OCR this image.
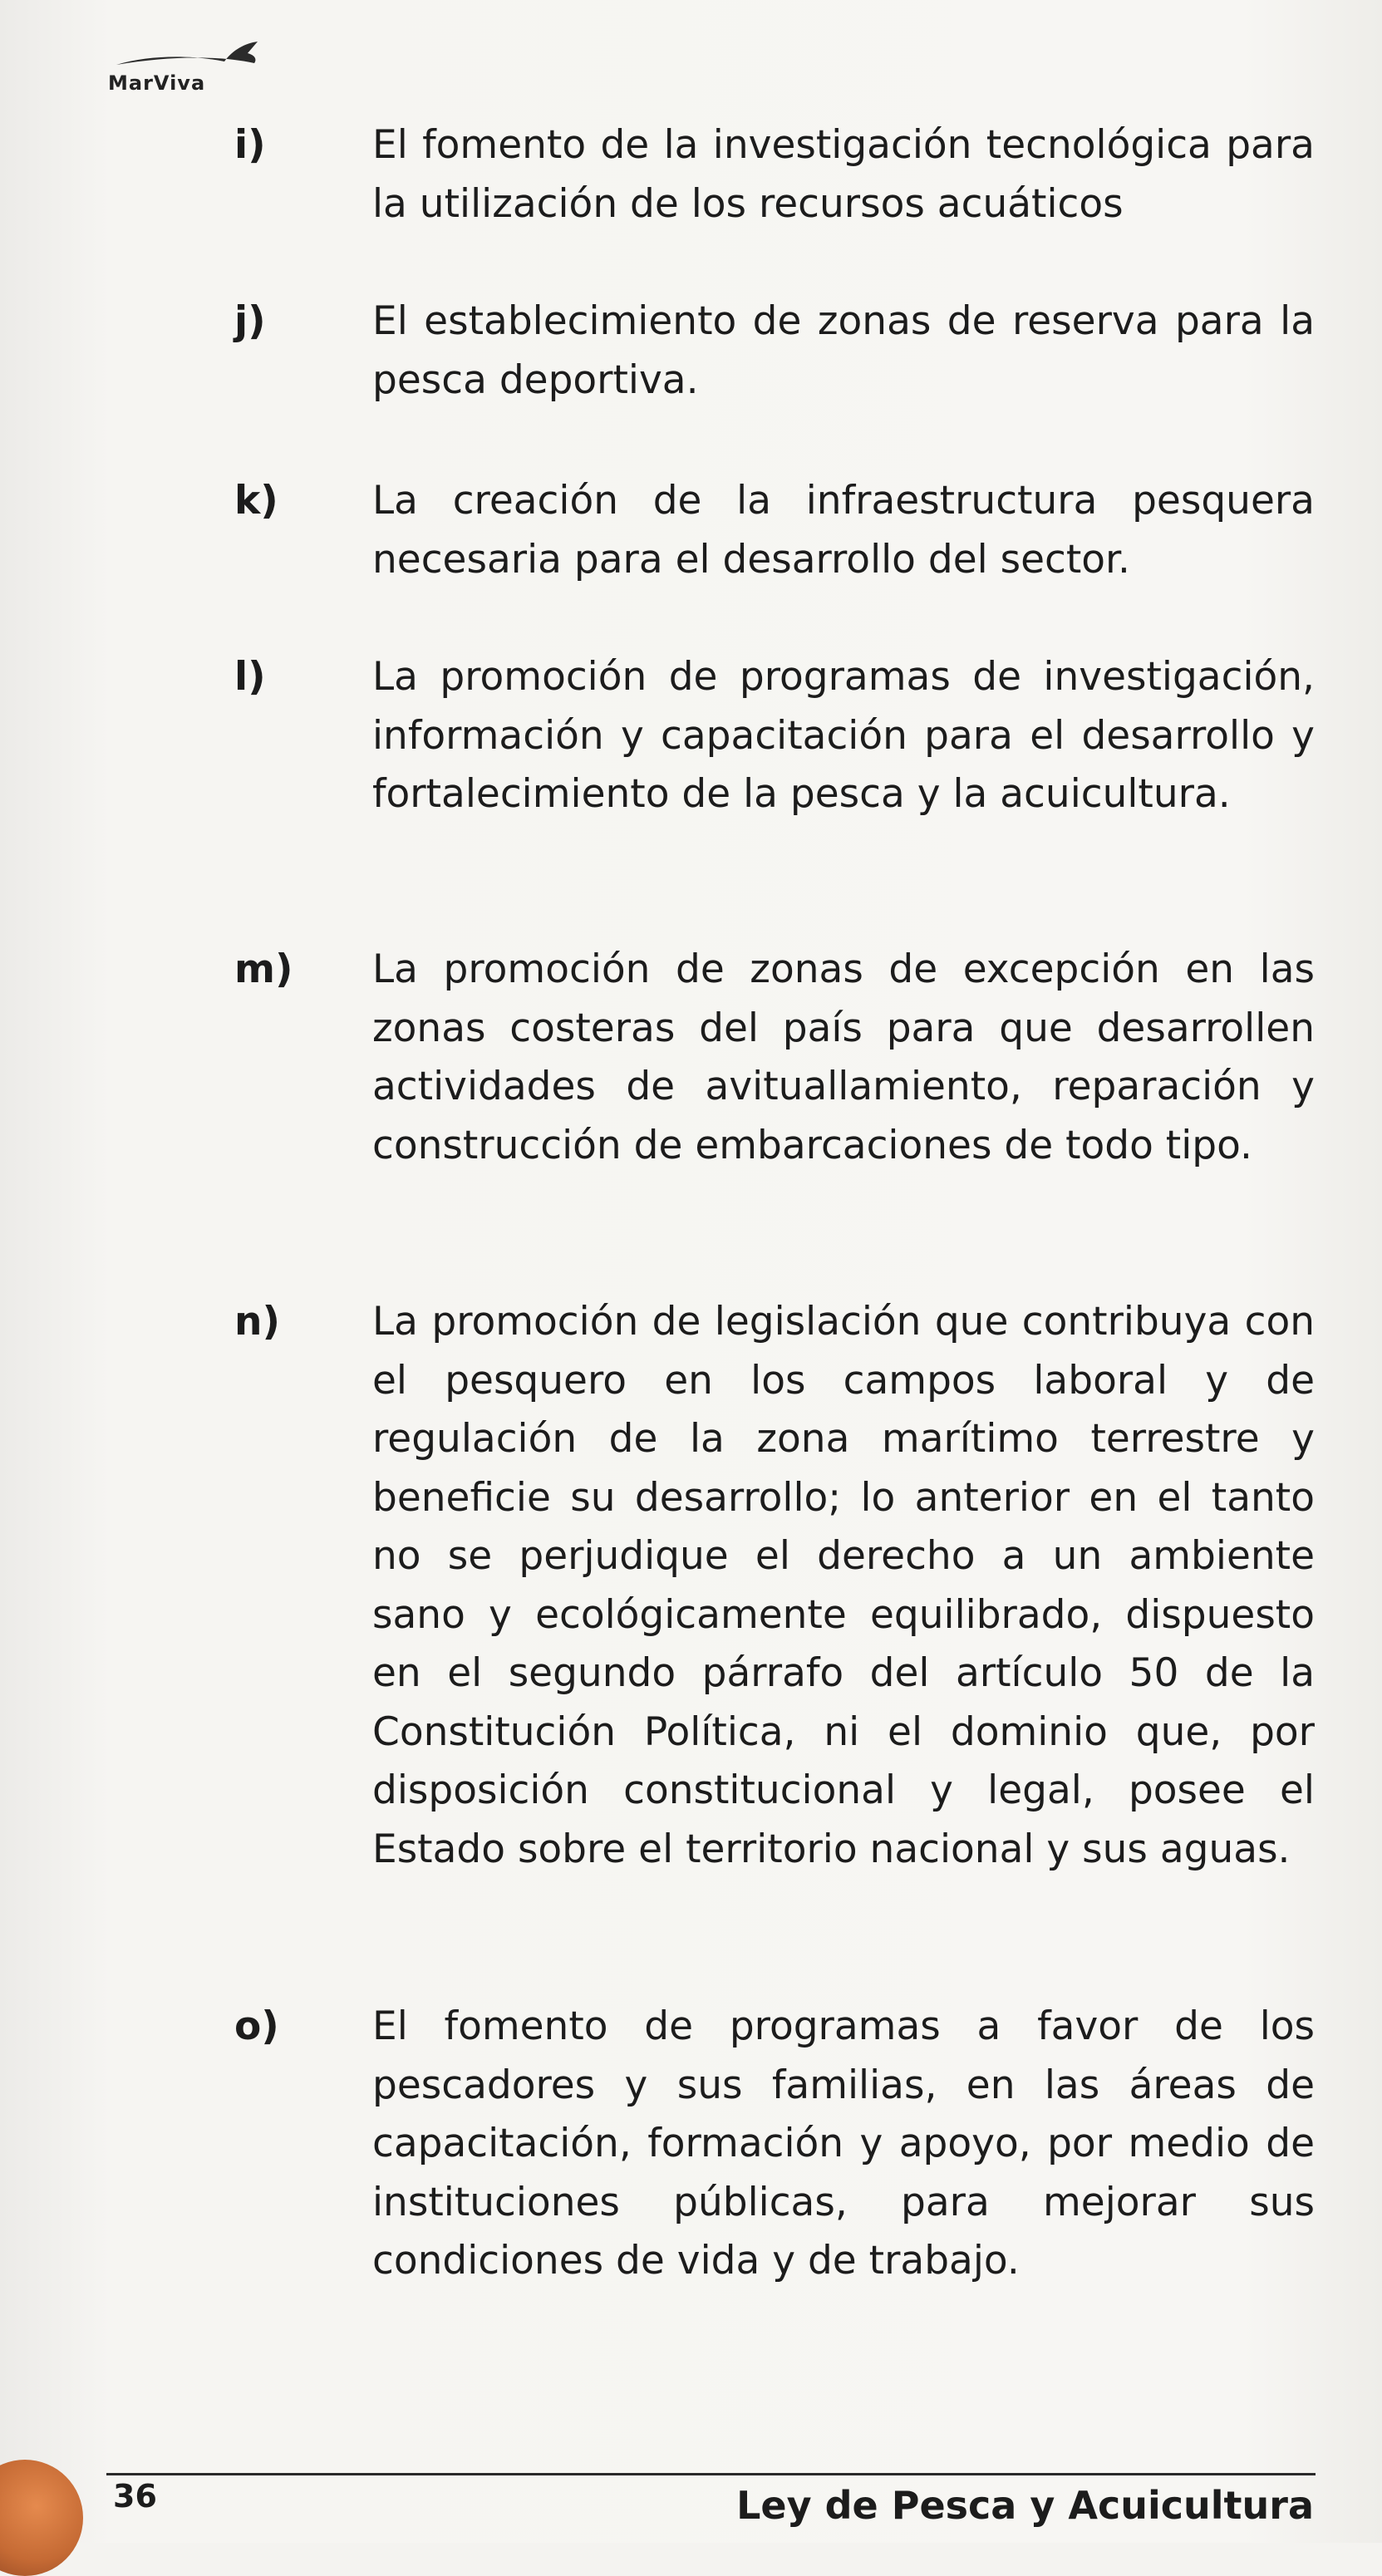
MarViva
i)	El fomento de la investigación tecnológica para la utilización de los recursos acuáticos
j)	El establecimiento de zonas de reserva para la pesca deportiva.
k) La creación de la infraestructura pesquera necesaria para el desarrollo del sector.
l)	La promoción de programas de investigación, información y capacitación para el desarrollo y fortalecimiento de la pesca y la acuicultura.
m) La promoción de zonas de excepción en las zonas costeras del país para que desarrollen actividades de avituallamiento, reparación y construcción de embarcaciones de todo tipo.
n) La promoción de legislación que contribuya con el pesquero en los campos laboral y de regulación de la zona marítimo terrestre y beneficie su desarrollo; lo anterior en el tanto no se perjudique el derecho a un ambiente sano y ecológicamente equilibrado, dispuesto en el segundo párrafo del artículo 50 de la Constitución Política, ni el dominio que, por disposición constitucional y legal, posee el Estado sobre el territorio nacional y sus aguas.
o) El fomento de programas a favor de los pescadores y sus familias, en las áreas de capacitación, formación y apoyo, por medio de instituciones públicas, para mejorar sus condiciones de vida y de trabajo.
36	Ley de Pesca y Acuicultura
